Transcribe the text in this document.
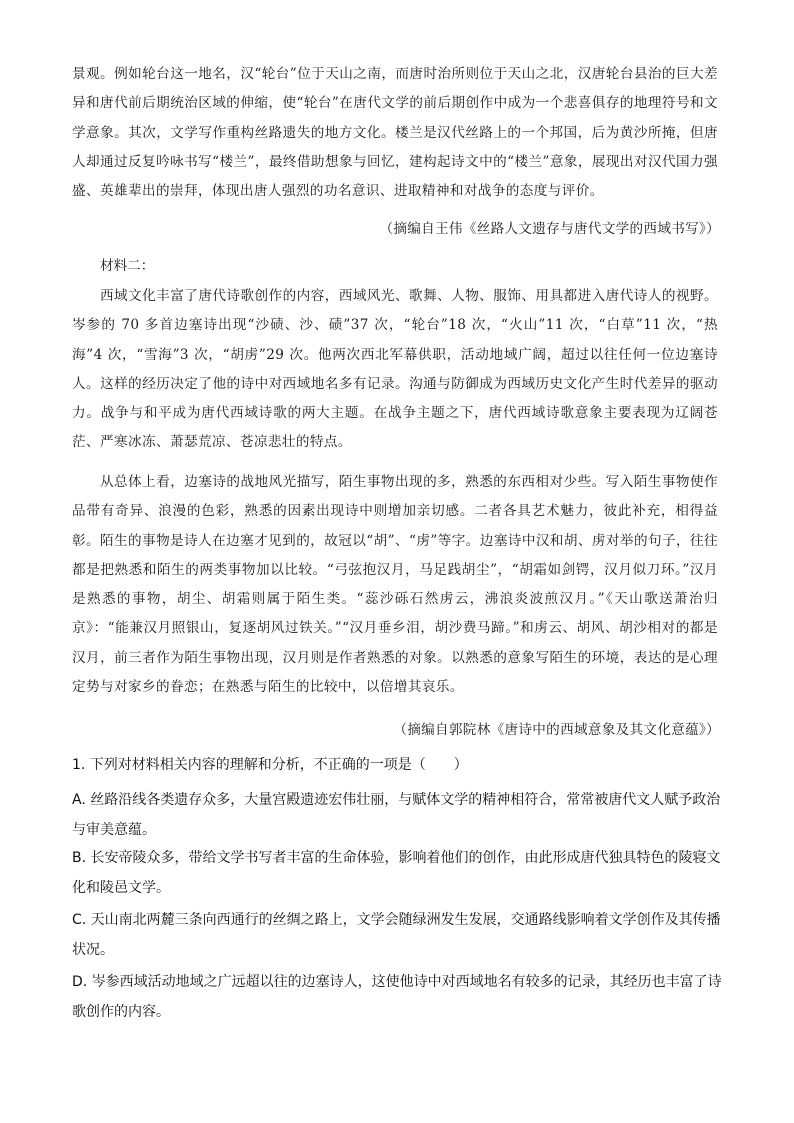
景观。例如轮台这一地名，汉“轮台”位于天山之南，而唐时治所则位于天山之北，汉唐轮台县治的巨大差异和唐代前后期统治区域的伸缩，使“轮台”在唐代文学的前后期创作中成为一个悲喜俱存的地理符号和文学意象。其次，文学写作重构丝路遗失的地方文化。楼兰是汉代丝路上的一个邦国，后为黄沙所掩，但唐人却通过反复吟咏书写“楼兰”，最终借助想象与回忆，建构起诗文中的“楼兰”意象，展现出对汉代国力强盛、英雄辈出的崇拜，体现出唐人强烈的功名意识、进取精神和对战争的态度与评价。
（摘编自王伟《丝路人文遗存与唐代文学的西域书写》）
材料二：
西域文化丰富了唐代诗歌创作的内容，西域风光、歌舞、人物、服饰、用具都进入唐代诗人的视野。岑参的 70 多首边塞诗出现“沙碛、沙、碛”37 次，“轮台”18 次，“火山”11 次，“白草”11 次，“热海”4 次，“雪海”3 次，“胡虏”29 次。他两次西北军幕供职，活动地域广阔，超过以往任何一位边塞诗人。这样的经历决定了他的诗中对西域地名多有记录。沟通与防御成为西域历史文化产生时代差异的驱动力。战争与和平成为唐代西域诗歌的两大主题。在战争主题之下，唐代西域诗歌意象主要表现为辽阔苍茫、严寒冰冻、萧瑟荒凉、苍凉悲壮的特点。
从总体上看，边塞诗的战地风光描写，陌生事物出现的多，熟悉的东西相对少些。写入陌生事物使作品带有奇异、浪漫的色彩，熟悉的因素出现诗中则增加亲切感。二者各具艺术魅力，彼此补充，相得益彰。陌生的事物是诗人在边塞才见到的，故冠以“胡”、“虏”等字。边塞诗中汉和胡、虏对举的句子，往往都是把熟悉和陌生的两类事物加以比较。“弓弦抱汉月，马足践胡尘”，“胡霜如剑锷，汉月似刀环。”汉月是熟悉的事物，胡尘、胡霜则属于陌生类。“蕊沙砾石然虏云，沸浪炎波煎汉月。”《天山歌送萧治归京》：“能兼汉月照银山，复逐胡风过铁关。”“汉月垂乡泪，胡沙费马蹄。”和虏云、胡风、胡沙相对的都是汉月，前三者作为陌生事物出现，汉月则是作者熟悉的对象。以熟悉的意象写陌生的环境，表达的是心理定势与对家乡的眷恋；在熟悉与陌生的比较中，以倍增其哀乐。
（摘编自郭院林《唐诗中的西域意象及其文化意蕴》）
1. 下列对材料相关内容的理解和分析，不正确的一项是（　　）
A. 丝路沿线各类遗存众多，大量宫殿遗迹宏伟壮丽，与赋体文学的精神相符合，常常被唐代文人赋予政治与审美意蕴。
B. 长安帝陵众多，带给文学书写者丰富的生命体验，影响着他们的创作，由此形成唐代独具特色的陵寝文化和陵邑文学。
C. 天山南北两麓三条向西通行的丝绸之路上，文学会随绿洲发生发展，交通路线影响着文学创作及其传播状况。
D. 岑参西域活动地域之广远超以往的边塞诗人，这使他诗中对西域地名有较多的记录，其经历也丰富了诗歌创作的内容。
